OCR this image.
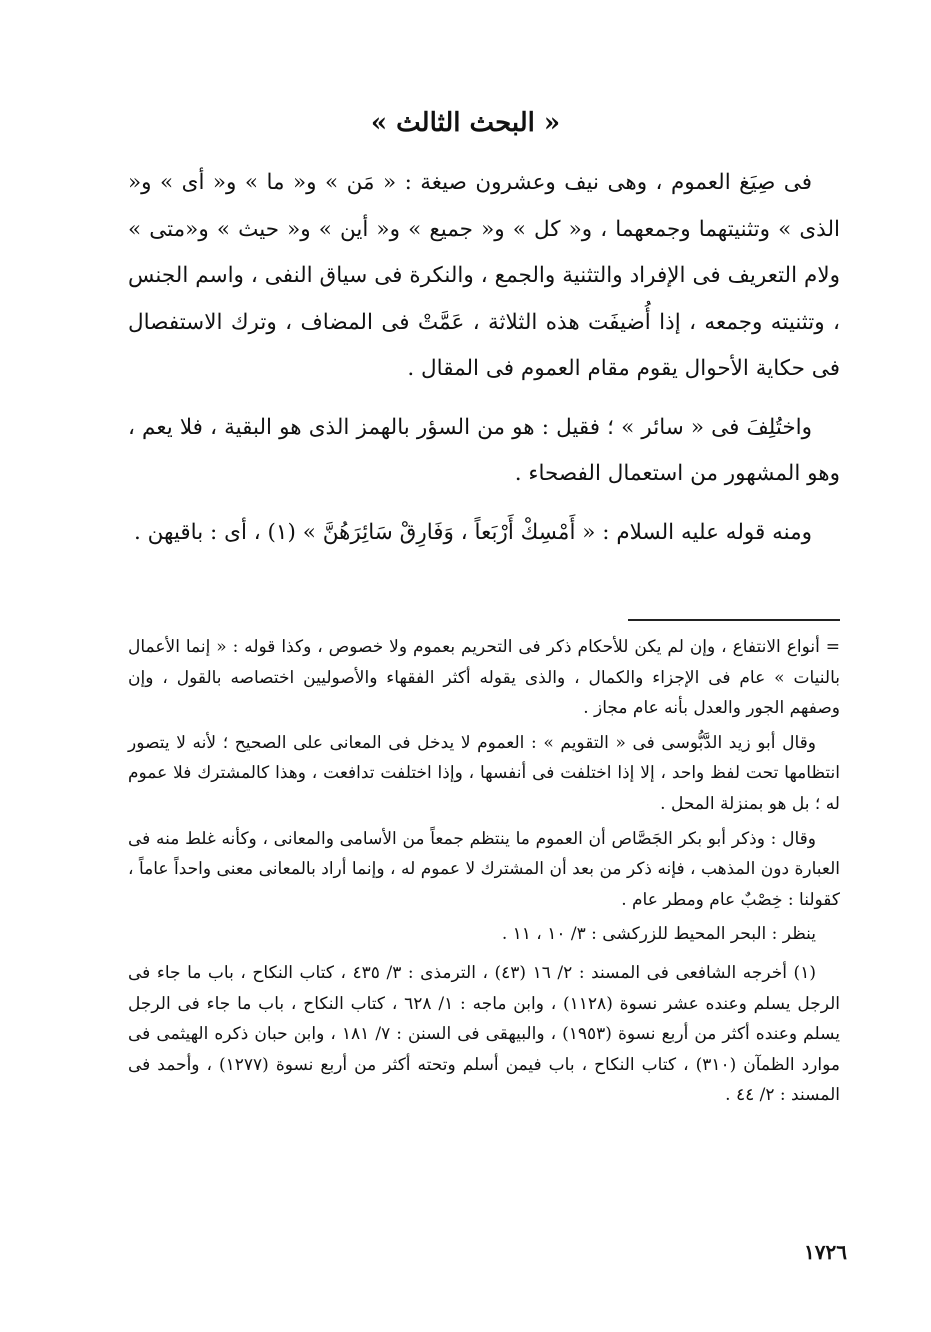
« البحث الثالث »

فى صِيَغ العموم ، وهى نيف وعشرون صيغة : « مَن » و« ما » و« أى » و« الذى » وتثنيتهما وجمعهما ، و« كل » و« جميع » و« أين » و« حيث » و«متى » ولام التعريف فى الإفراد والتثنية والجمع ، والنكرة فى سياق النفى ، واسم الجنس ، وتثنيته وجمعه ، إذا أُضيفَت هذه الثلاثة ، عَمَّتْ فى المضاف ، وترك الاستفصال فى حكاية الأحوال يقوم مقام العموم فى المقال .

واختُلِفَ فى « سائر » ؛ فقيل : هو من السؤر بالهمز الذى هو البقية ، فلا يعم ، وهو المشهور من استعمال الفصحاء .

ومنه قوله عليه السلام : « أَمْسِكْ أَرْبَعاً ، وَفَارِقْ سَائِرَهُنَّ » (١) ، أى : باقيهن .

= أنواع الانتفاع ، وإن لم يكن للأحكام ذكر فى التحريم بعموم ولا خصوص ، وكذا قوله : « إنما الأعمال بالنيات » عام فى الإجزاء والكمال ، والذى يقوله أكثر الفقهاء والأصوليين اختصاصه بالقول ، وإن وصفهم الجور والعدل بأنه عام مجاز .

وقال أبو زيد الدَّبُّوسى فى « التقويم » : العموم لا يدخل فى المعانى على الصحيح ؛ لأنه لا يتصور انتظامها تحت لفظ واحد ، إلا إذا اختلفت فى أنفسها ، وإذا اختلفت تدافعت ، وهذا كالمشترك فلا عموم له ؛ بل هو بمنزلة المحل .

وقال : وذكر أبو بكر الجَصَّاص أن العموم ما ينتظم جمعاً من الأسامى والمعانى ، وكأنه غلط منه فى العبارة دون المذهب ، فإنه ذكر من بعد أن المشترك لا عموم له ، وإنما أراد بالمعانى معنى واحداً عاماً ، كقولنا : خِصْبٌ عام ومطر عام .

ينظر : البحر المحيط للزركشى : ٣/ ١٠ ، ١١ .

(١) أخرجه الشافعى فى المسند : ٢/ ١٦ (٤٣) ، الترمذى : ٣/ ٤٣٥ ، كتاب النكاح ، باب ما جاء فى الرجل يسلم وعنده عشر نسوة (١١٢٨) ، وابن ماجه : ١/ ٦٢٨ ، كتاب النكاح ، باب ما جاء فى الرجل يسلم وعنده أكثر من أربع نسوة (١٩٥٣) ، والبيهقى فى السنن : ٧/ ١٨١ ، وابن حبان ذكره الهيثمى فى موارد الظمآن (٣١٠) ، كتاب النكاح ، باب فيمن أسلم وتحته أكثر من أربع نسوة (١٢٧٧) ، وأحمد فى المسند : ٢/ ٤٤ .

١٧٢٦
